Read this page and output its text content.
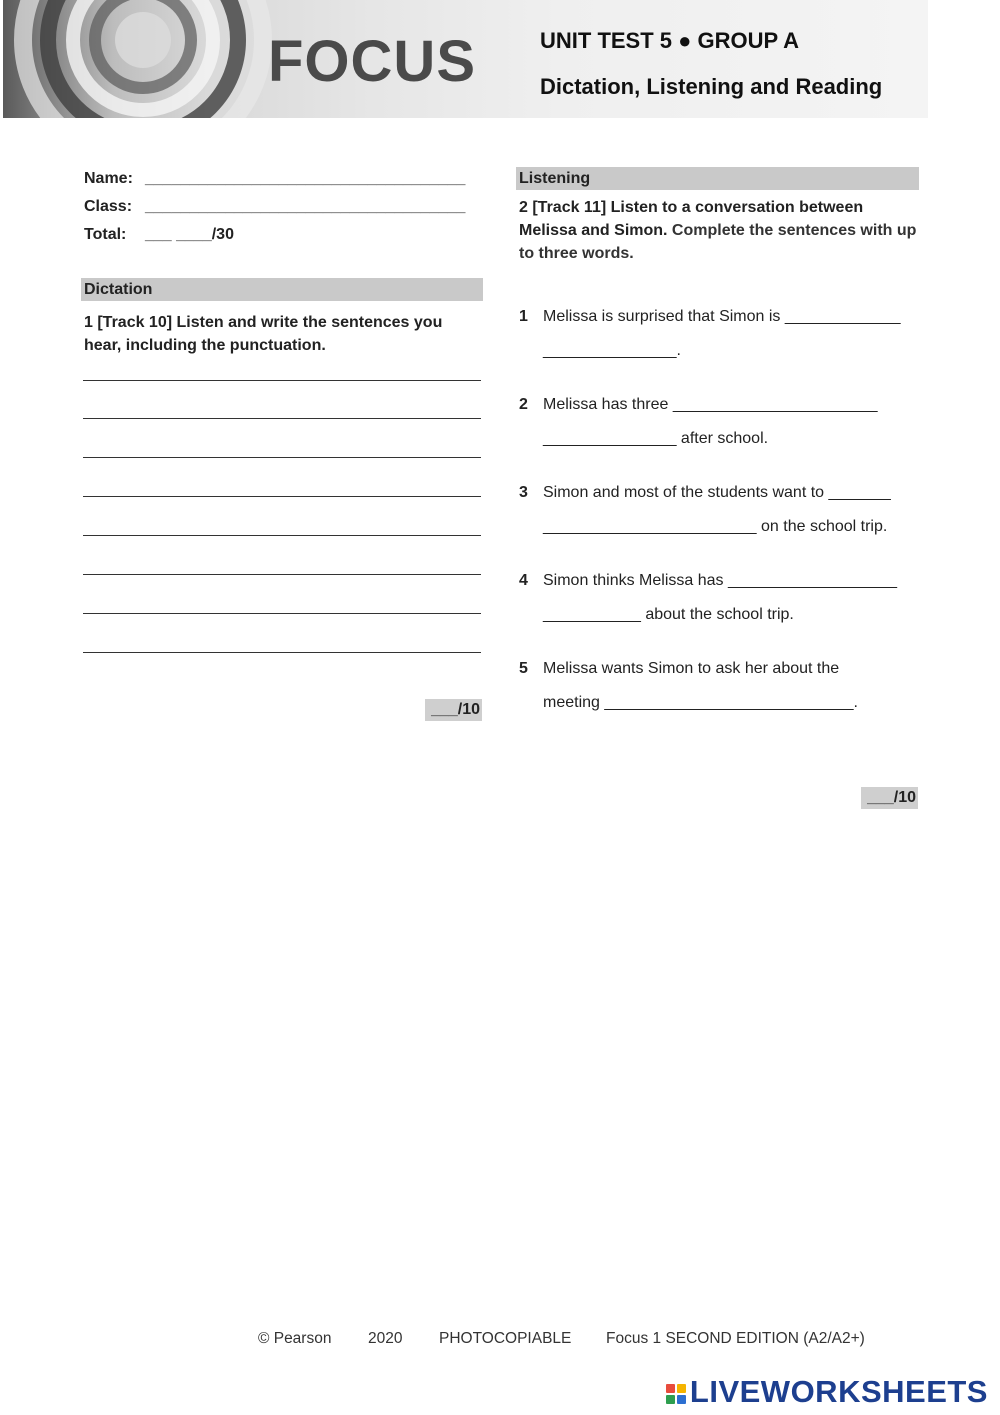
FOCUS	UNIT TEST 5 ● GROUP A
Dictation, Listening and Reading
Name: ____________________________________
Class: ____________________________________
Total: ___ ____/30
Dictation
1 [Track 10] Listen and write the sentences you hear, including the punctuation.
___/10
Listening
2 [Track 11] Listen to a conversation between Melissa and Simon. Complete the sentences with up to three words.
1 Melissa is surprised that Simon is _____________
_______________.
2 Melissa has three _______________________
_______________ after school.
3 Simon and most of the students want to _______
________________________ on the school trip.
4 Simon thinks Melissa has ___________________
___________ about the school trip.
5 Melissa wants Simon to ask her about the
meeting ____________________________.
___/10
© Pearson 2020 PHOTOCOPIABLE Focus 1 SECOND EDITION (A2/A2+)
LIVEWORKSHEETS
